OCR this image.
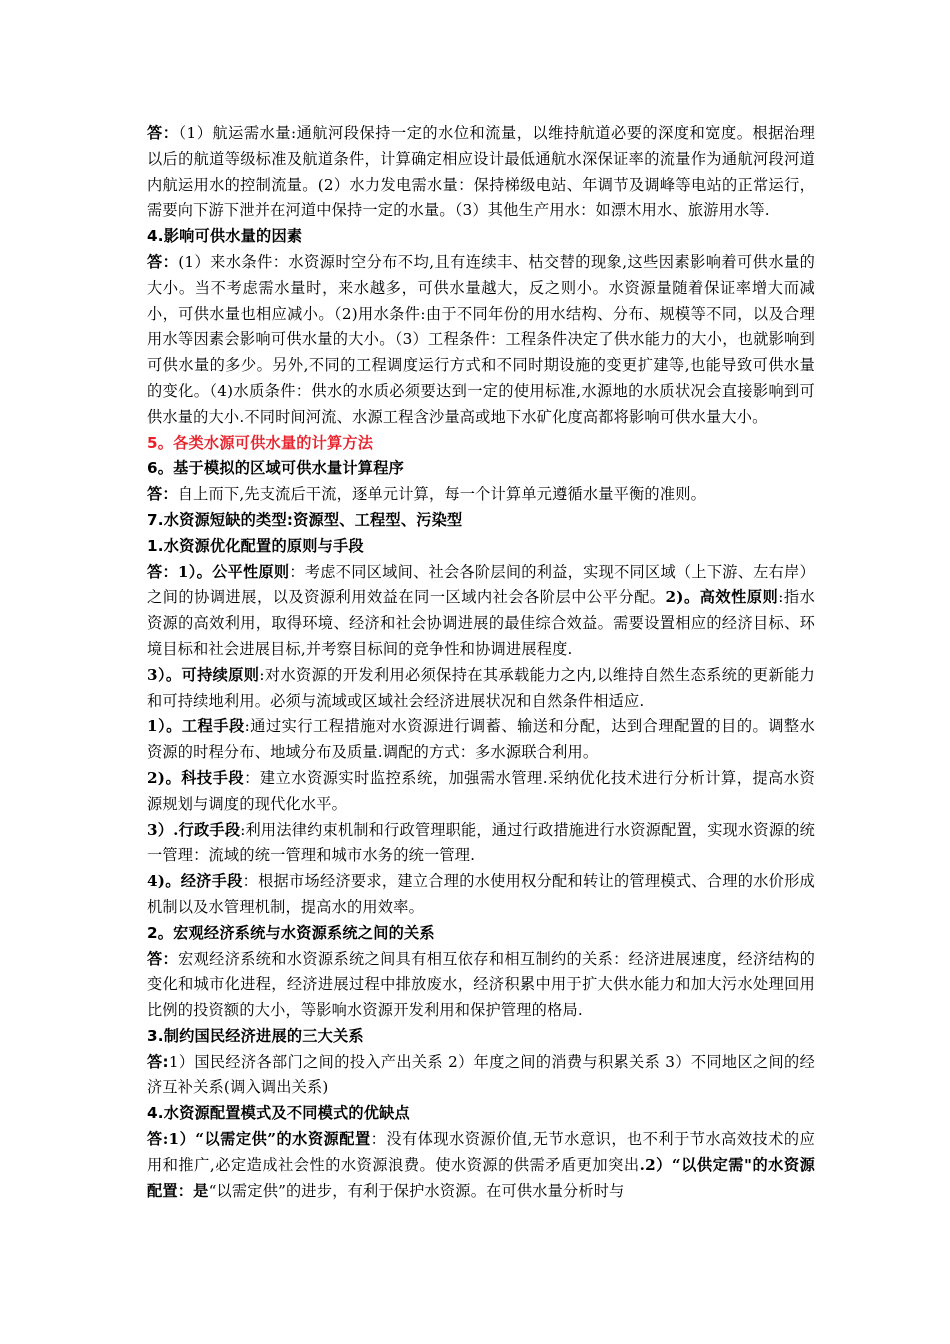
答：（1）航运需水量:通航河段保持一定的水位和流量，以维持航道必要的深度和宽度。根据治理以后的航道等级标准及航道条件，计算确定相应设计最低通航水深保证率的流量作为通航河段河道内航运用水的控制流量。(2）水力发电需水量：保持梯级电站、年调节及调峰等电站的正常运行，需要向下游下泄并在河道中保持一定的水量。（3）其他生产用水：如漂木用水、旅游用水等.

4.影响可供水量的因素

答：(1）来水条件：水资源时空分布不均,且有连续丰、枯交替的现象,这些因素影响着可供水量的大小。当不考虑需水量时，来水越多，可供水量越大，反之则小。水资源量随着保证率增大而减小，可供水量也相应减小。（2)用水条件:由于不同年份的用水结构、分布、规模等不同，以及合理用水等因素会影响可供水量的大小。（3）工程条件：工程条件决定了供水能力的大小，也就影响到可供水量的多少。另外,不同的工程调度运行方式和不同时期设施的变更扩建等,也能导致可供水量的变化。（4)水质条件：供水的水质必须要达到一定的使用标准,水源地的水质状况会直接影响到可供水量的大小.不同时间河流、水源工程含沙量高或地下水矿化度高都将影响可供水量大小。

5。各类水源可供水量的计算方法

6。基于模拟的区域可供水量计算程序

答：自上而下,先支流后干流，逐单元计算，每一个计算单元遵循水量平衡的准则。

7.水资源短缺的类型:资源型、工程型、污染型

1.水资源优化配置的原则与手段

答：1）。公平性原则：考虑不同区域间、社会各阶层间的利益，实现不同区域（上下游、左右岸）之间的协调进展，以及资源利用效益在同一区域内社会各阶层中公平分配。2)。高效性原则:指水资源的高效利用，取得环境、经济和社会协调进展的最佳综合效益。需要设置相应的经济目标、环境目标和社会进展目标,并考察目标间的竞争性和协调进展程度.

3）。可持续原则:对水资源的开发利用必须保持在其承载能力之内,以维持自然生态系统的更新能力和可持续地利用。必须与流域或区域社会经济进展状况和自然条件相适应.

1）。工程手段:通过实行工程措施对水资源进行调蓄、输送和分配，达到合理配置的目的。调整水资源的时程分布、地域分布及质量.调配的方式：多水源联合利用。

2)。科技手段：建立水资源实时监控系统，加强需水管理.采纳优化技术进行分析计算，提高水资源规划与调度的现代化水平。

3）.行政手段:利用法律约束机制和行政管理职能，通过行政措施进行水资源配置，实现水资源的统一管理：流域的统一管理和城市水务的统一管理.

4)。经济手段：根据市场经济要求，建立合理的水使用权分配和转让的管理模式、合理的水价形成机制以及水管理机制，提高水的用效率。

2。宏观经济系统与水资源系统之间的关系

答：宏观经济系统和水资源系统之间具有相互依存和相互制约的关系：经济进展速度，经济结构的变化和城市化进程，经济进展过程中排放废水，经济积累中用于扩大供水能力和加大污水处理回用比例的投资额的大小，等影响水资源开发利用和保护管理的格局.

3.制约国民经济进展的三大关系

答:1）国民经济各部门之间的投入产出关系 2）年度之间的消费与积累关系 3）不同地区之间的经济互补关系(调入调出关系)

4.水资源配置模式及不同模式的优缺点

答:1）“以需定供”的水资源配置：没有体现水资源价值,无节水意识，也不利于节水高效技术的应用和推广,必定造成社会性的水资源浪费。使水资源的供需矛盾更加突出.2）“以供定需"的水资源配置：是“以需定供”的进步，有利于保护水资源。在可供水量分析时与
